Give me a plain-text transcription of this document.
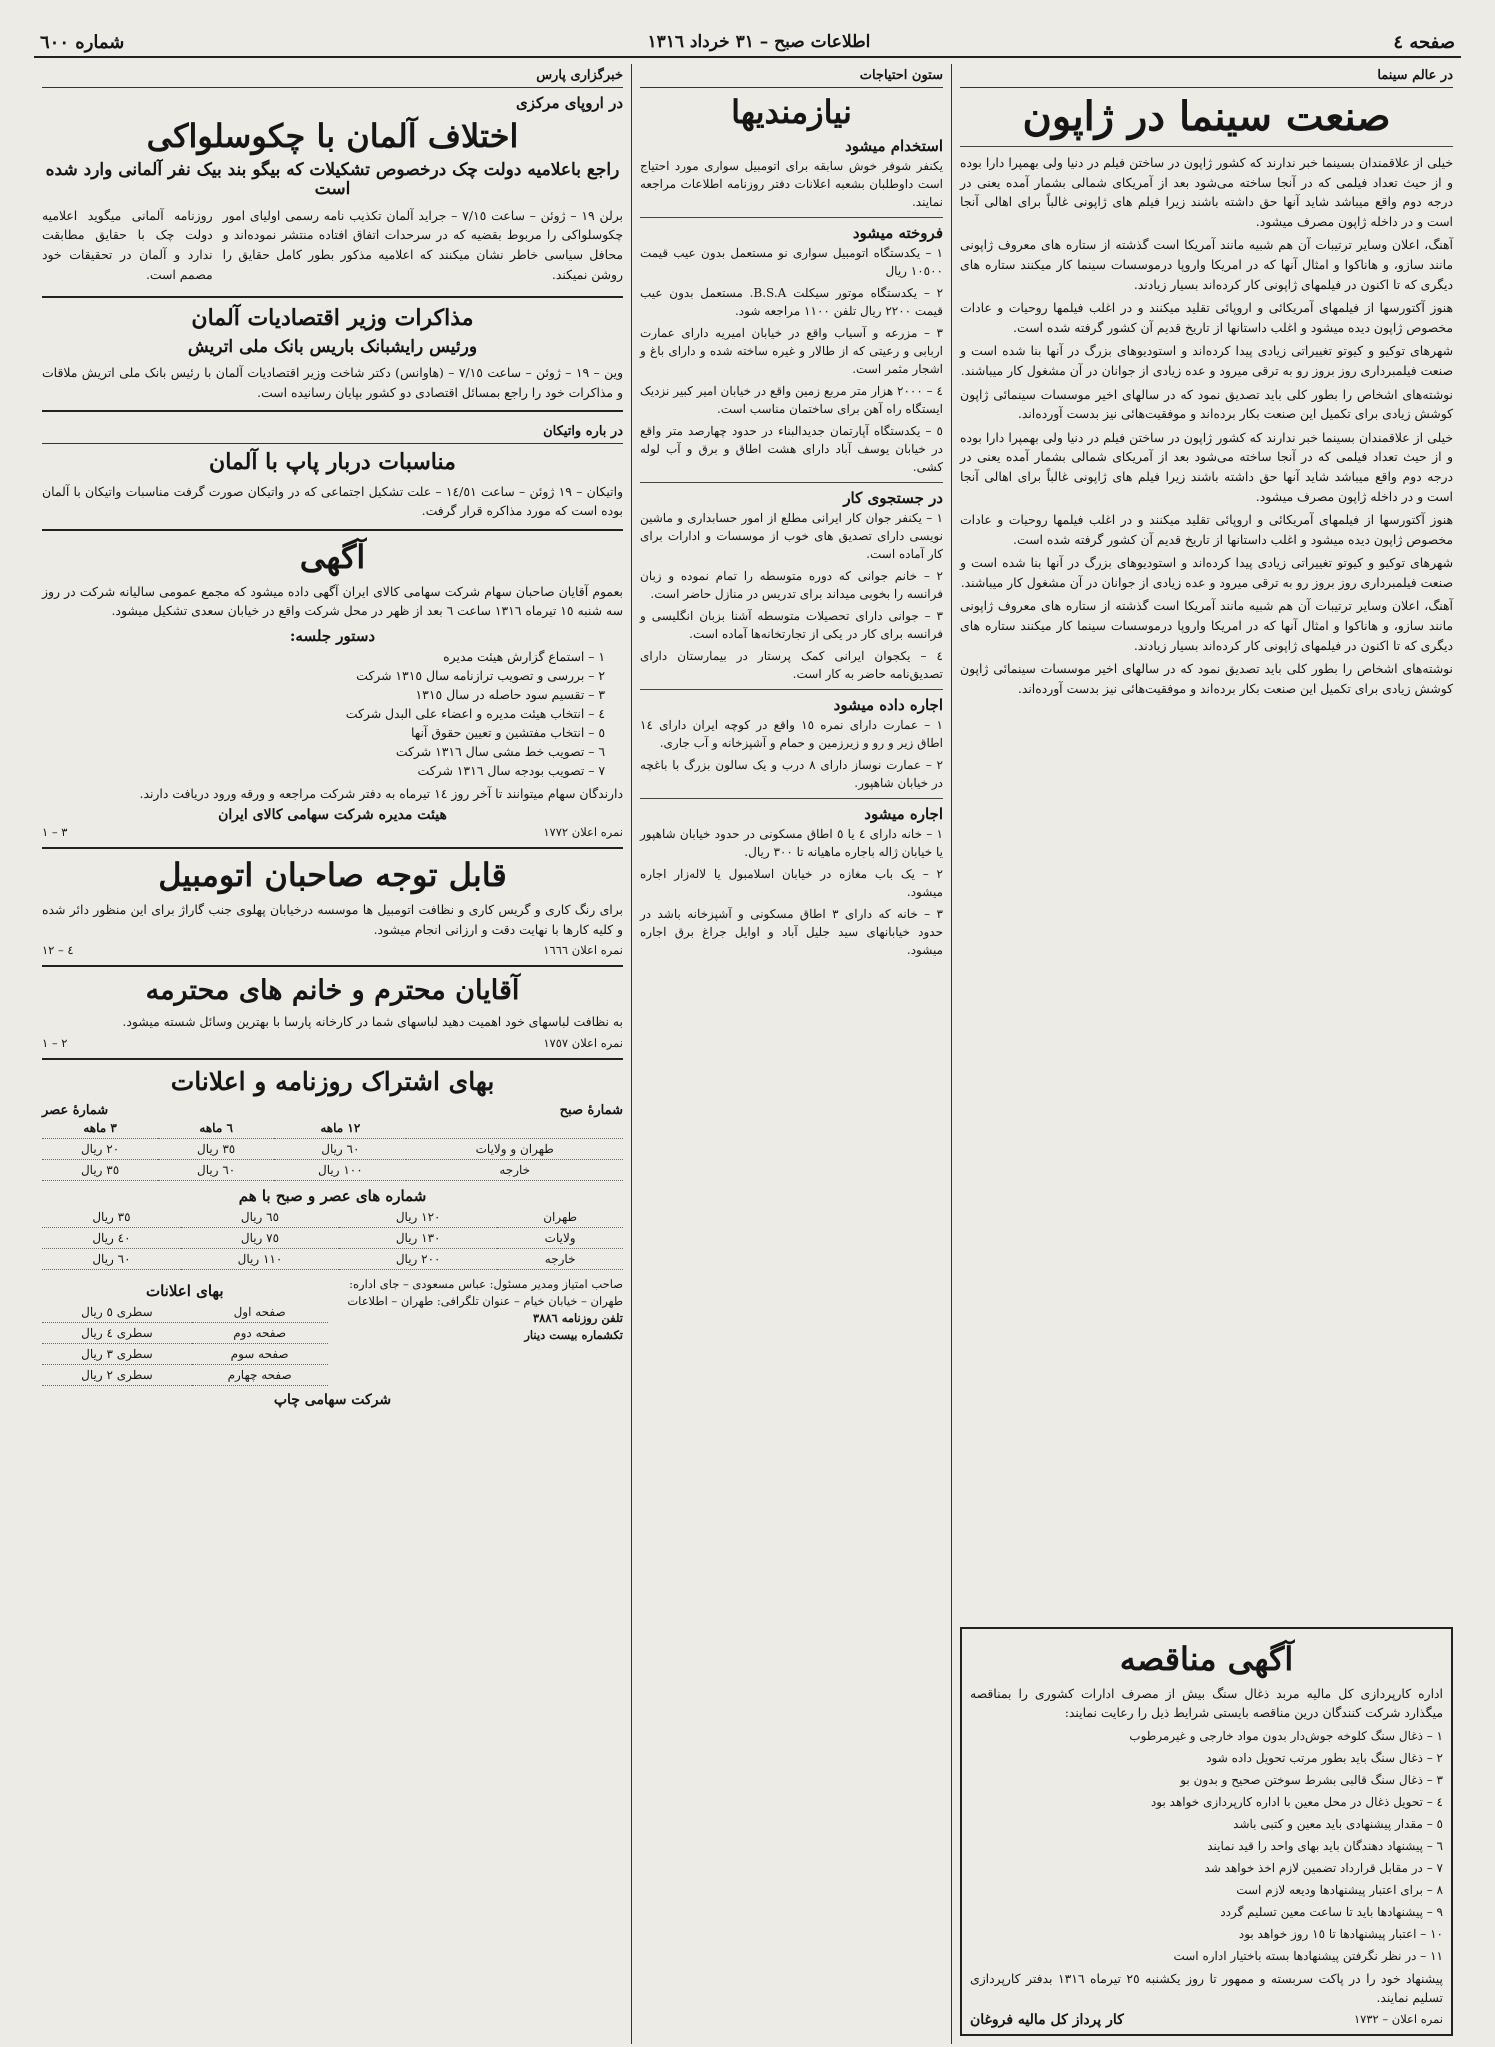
صفحه ٤
اطلاعات صبح – ٣١ خرداد ١٣١٦
شماره ٦٠٠
در عالم سینما
صنعت سینما در ژاپون

خیلی از علاقمندان بسینما خبر ندارند که کشور ژاپون در ساختن فیلم در دنیا ولی بهمپرا دارا بوده و از حیث تعداد فیلمی که در آنجا ساخته می‌شود بعد از آمریکای شمالی بشمار آمده یعنی در درجه دوم واقع میباشد شاید آنها حق داشته باشند زیرا فیلم های ژاپونی غالباً برای اهالی آنجا است و در داخله ژاپون مصرف میشود.

آهنگ، اعلان وسایر ترتیبات آن هم شبیه مانند آمریکا است گذشته از ستاره های معروف ژاپونی مانند سازو، و هاناکوا و امثال آنها که در امریکا واروپا درموسسات سینما کار میکنند ستاره های دیگری که تا اکنون در فیلمهای ژاپونی کار کرده‌اند بسیار زیادند.

هنوز آکتورسها از فیلمهای آمریکائی و اروپائی تقلید میکنند و در اغلب فیلمها روحیات و عادات مخصوص ژاپون دیده میشود و اغلب داستانها از تاریخ قدیم آن کشور گرفته شده است.

شهرهای توکیو و کیوتو تغییراتی زیادی پیدا کرده‌اند و استودیوهای بزرگ در آنها بنا شده است و صنعت فیلمبرداری روز بروز رو به ترقی میرود و عده زیادی از جوانان در آن مشغول کار میباشند.

نوشته‌های اشخاص را بطور کلی باید تصدیق نمود که در سالهای اخیر موسسات سینمائی ژاپون کوشش زیادی برای تکمیل این صنعت بکار برده‌اند و موفقیت‌هائی نیز بدست آورده‌اند.

خیلی از علاقمندان بسینما خبر ندارند که کشور ژاپون در ساختن فیلم در دنیا ولی بهمپرا دارا بوده و از حیث تعداد فیلمی که در آنجا ساخته می‌شود بعد از آمریکای شمالی بشمار آمده یعنی در درجه دوم واقع میباشد شاید آنها حق داشته باشند زیرا فیلم های ژاپونی غالباً برای اهالی آنجا است و در داخله ژاپون مصرف میشود.

هنوز آکتورسها از فیلمهای آمریکائی و اروپائی تقلید میکنند و در اغلب فیلمها روحیات و عادات مخصوص ژاپون دیده میشود و اغلب داستانها از تاریخ قدیم آن کشور گرفته شده است.

شهرهای توکیو و کیوتو تغییراتی زیادی پیدا کرده‌اند و استودیوهای بزرگ در آنها بنا شده است و صنعت فیلمبرداری روز بروز رو به ترقی میرود و عده زیادی از جوانان در آن مشغول کار میباشند.

آهنگ، اعلان وسایر ترتیبات آن هم شبیه مانند آمریکا است گذشته از ستاره های معروف ژاپونی مانند سازو، و هاناکوا و امثال آنها که در امریکا واروپا درموسسات سینما کار میکنند ستاره های دیگری که تا اکنون در فیلمهای ژاپونی کار کرده‌اند بسیار زیادند.

نوشته‌های اشخاص را بطور کلی باید تصدیق نمود که در سالهای اخیر موسسات سینمائی ژاپون کوشش زیادی برای تکمیل این صنعت بکار برده‌اند و موفقیت‌هائی نیز بدست آورده‌اند.

آگهی مناقصه

اداره کارپردازی کل مالیه مربد ذغال سنگ بیش از مصرف ادارات کشوری را بمناقصه میگذارد شرکت کنندگان درین مناقصه بایستی شرایط ذیل را رعایت نمایند:

١ – ذغال سنگ کلوخه جوش‌دار بدون مواد خارجی و غیرمرطوب
٢ – ذغال سنگ باید بطور مرتب تحویل داده شود
٣ – ذغال سنگ قالبی بشرط سوختن صحیح و بدون بو
٤ – تحویل ذغال در محل معین با اداره کارپردازی خواهد بود
٥ – مقدار پیشنهادی باید معین و کتبی باشد
٦ – پیشنهاد دهندگان باید بهای واحد را قید نمایند
٧ – در مقابل قرارداد تضمین لازم اخذ خواهد شد
٨ – برای اعتبار پیشنهادها ودیعه لازم است
٩ – پیشنهادها باید تا ساعت معین تسلیم گردد
١٠ – اعتبار پیشنهادها تا ١٥ روز خواهد بود
١١ – در نظر نگرفتن پیشنهادها بسته باختیار اداره است

پیشنهاد خود را در پاکت سربسته و ممهور تا روز یکشنبه ٢٥ تیرماه ١٣١٦ بدفتر کارپردازی تسلیم نمایند.

نمره اعلان – ١٧٣٢
کار پرداز کل مالیه فروغان
ستون احتیاجات
نیازمندیها
استخدام میشود
یکنفر شوفر خوش سابقه برای اتومبیل سواری مورد احتیاج است داوطلبان بشعبه اعلانات دفتر روزنامه اطلاعات مراجعه نمایند.
فروخته میشود
١ – یکدستگاه اتومبیل سواری نو مستعمل بدون عیب قیمت ١٠٥٠٠ ریال
٢ – یکدستگاه موتور سیکلت B.S.A. مستعمل بدون عیب قیمت ٢٢٠٠ ریال تلفن ١١٠٠ مراجعه شود.
٣ – مزرعه و آسیاب واقع در خیابان امیریه دارای عمارت اربابی و رعیتی که از طالار و غیره ساخته شده و دارای باغ و اشجار مثمر است.
٤ – ٢٠٠٠ هزار متر مربع زمین واقع در خیابان امیر کبیر نزدیک ایستگاه راه آهن برای ساختمان مناسب است.
٥ – یکدستگاه آپارتمان جدیدالبناء در حدود چهارصد متر واقع در خیابان یوسف آباد دارای هشت اطاق و برق و آب لوله کشی.
در جستجوی کار
١ – یکنفر جوان کار ایرانی مطلع از امور حسابداری و ماشین نویسی دارای تصدیق های خوب از موسسات و ادارات برای کار آماده است.
٢ – خانم جوانی که دوره متوسطه را تمام نموده و زبان فرانسه را بخوبی میداند برای تدریس در منازل حاضر است.
٣ – جوانی دارای تحصیلات متوسطه آشنا بزبان انگلیسی و فرانسه برای کار در یکی از تجارتخانه‌ها آماده است.
٤ – یکجوان ایرانی کمک پرستار در بیمارستان دارای تصدیق‌نامه حاضر به کار است.
اجاره داده میشود
١ – عمارت دارای نمره ١٥ واقع در کوچه ایران دارای ١٤ اطاق زیر و رو و زیرزمین و حمام و آشپزخانه و آب جاری.
٢ – عمارت نوساز دارای ٨ درب و یک سالون بزرگ با باغچه در خیابان شاهپور.
اجاره میشود
١ – خانه دارای ٤ یا ٥ اطاق مسکونی در حدود خیابان شاهپور یا خیابان ژاله باجاره ماهیانه تا ٣٠٠ ریال.
٢ – یک باب مغازه در خیابان اسلامبول یا لاله‌زار اجاره میشود.
٣ – خانه که دارای ٣ اطاق مسکونی و آشپزخانه باشد در حدود خیابانهای سید جلیل آباد و اوایل جراغ برق اجاره میشود.
خبرگزاری پارس
در اروپای مرکزی
اختلاف آلمان با چکوسلواکی
راجع باعلامیه دولت چک درخصوص تشکیلات که بیگو بند بیک نفر آلمانی وارد شده است

برلن ١٩ – ژوئن – ساعت ٧/١٥ – جراید آلمان تکذیب نامه رسمی اولیای امور چکوسلواکی را مربوط بقضیه که در سرحدات اتفاق افتاده منتشر نموده‌اند و محافل سیاسی خاطر نشان میکنند که اعلامیه مذکور بطور کامل حقایق را روشن نمیکند.

روزنامه آلمانی میگوید اعلامیه دولت چک با حقایق مطابقت ندارد و آلمان در تحقیقات خود مصمم است.

مذاکرات وزیر اقتصادیات آلمان
ورئیس رایشبانک باریس بانک ملی اتریش

وین – ١٩ – ژوئن – ساعت ٧/١٥ – (هاوانس) دکتر شاخت وزیر اقتصادیات آلمان با رئیس بانک ملی اتریش ملاقات و مذاکرات خود را راجع بمسائل اقتصادی دو کشور بپایان رسانیده است.

در باره واتیکان
مناسبات دربار پاپ با آلمان

واتیکان – ١٩ ژوئن – ساعت ١٤/٥١ – علت تشکیل اجتماعی که در واتیکان صورت گرفت مناسبات واتیکان با آلمان بوده است که مورد مذاکره قرار گرفت.

آگهی

بعموم آقایان صاحبان سهام شرکت سهامی کالای ایران آگهی داده میشود که مجمع عمومی سالیانه شرکت در روز سه شنبه ١٥ تیرماه ١٣١٦ ساعت ٦ بعد از ظهر در محل شرکت واقع در خیابان سعدی تشکیل میشود.

دستور جلسه:
١ – استماع گزارش هیئت مدیره
٢ – بررسی و تصویب ترازنامه سال ١٣١٥ شرکت
٣ – تقسیم سود حاصله در سال ١٣١٥
٤ – انتخاب هیئت مدیره و اعضاء علی البدل شرکت
٥ – انتخاب مفتشین و تعیین حقوق آنها
٦ – تصویب خط مشی سال ١٣١٦ شرکت
٧ – تصویب بودجه سال ١٣١٦ شرکت

دارندگان سهام میتوانند تا آخر روز ١٤ تیرماه به دفتر شرکت مراجعه و ورقه ورود دریافت دارند.

هیئت مدیره شرکت سهامی کالای ایران
نمره اعلان ١٧٧٢
٣ – ١
قابل توجه صاحبان اتومبیل

برای رنگ کاری و گریس کاری و نظافت اتومبیل ها موسسه درخیابان پهلوی جنب گاراژ برای این منظور دائر شده و کلیه کارها با نهایت دقت و ارزانی انجام میشود.

نمره اعلان ١٦٦٦
٤ – ١٢
آقایان محترم و خانم های محترمه

به نظافت لباسهای خود اهمیت دهید لباسهای شما در کارخانه پارسا با بهترین وسائل شسته میشود.

نمره اعلان ١٧٥٧
٢ – ١
بهای اشتراک روزنامه و اعلانات
شمارهٔ صبح
شمارهٔ عصر
	١٢ ماهه	٦ ماهه	٣ ماهه
طهران و ولایات	٦٠ ریال	٣٥ ریال	٢٠ ریال
خارجه	١٠٠ ریال	٦٠ ریال	٣٥ ریال
شماره های عصر و صبح با هم
طهران	١٢٠ ریال	٦٥ ریال	٣٥ ریال
ولایات	١٣٠ ریال	٧٥ ریال	٤٠ ریال
خارجه	٢٠٠ ریال	١١٠ ریال	٦٠ ریال
صاحب امتیاز ومدیر مسئول: عباس مسعودی – جای اداره: طهران – خیابان خیام – عنوان تلگرافی: طهران – اطلاعات
تلفن روزنامه ٣٨٨٦
تکشماره بیست دینار
بهای اعلانات
صفحه اول	سطری ٥ ریال
صفحه دوم	سطری ٤ ریال
صفحه سوم	سطری ٣ ریال
صفحه چهارم	سطری ٢ ریال
شرکت سهامی چاپ
